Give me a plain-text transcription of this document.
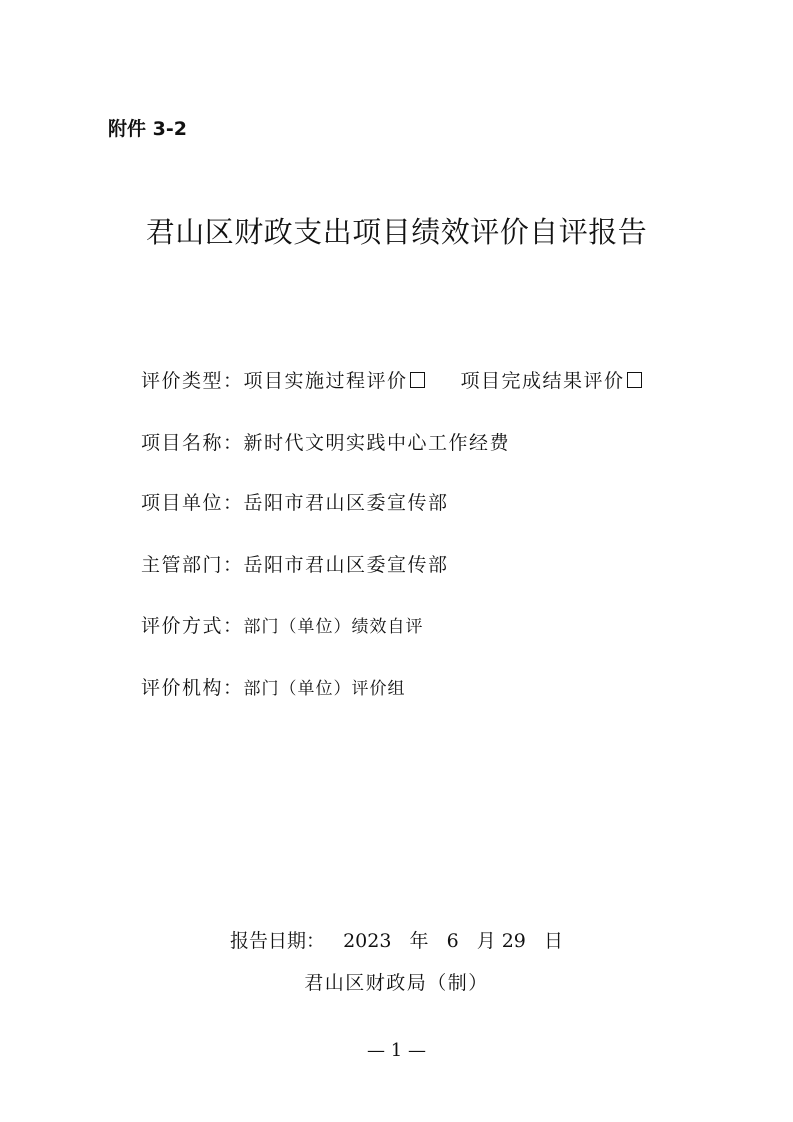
附件 3-2
君山区财政支出项目绩效评价自评报告
评价类型：项目实施过程评价	项目完成结果评价
项目名称：新时代文明实践中心工作经费
项目单位：岳阳市君山区委宣传部
主管部门：岳阳市君山区委宣传部
评价方式：部门（单位）绩效自评
评价机构：部门（单位）评价组
报告日期： 2023 年 6 月 29 日
君山区财政局（制）
— 1 —
